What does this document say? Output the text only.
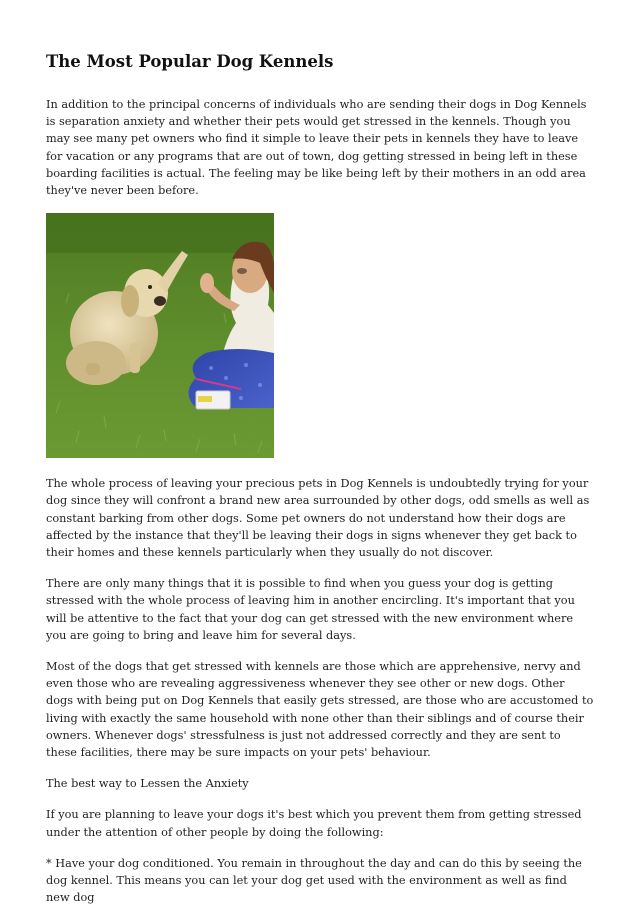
The Most Popular Dog Kennels

In addition to the principal concerns of individuals who are sending their dogs in Dog Kennels is separation anxiety and whether their pets would get stressed in the kennels. Though you may see many pet owners who find it simple to leave their pets in kennels they have to leave for vacation or any programs that are out of town, dog getting stressed in being left in these boarding facilities is actual. The feeling may be like being left by their mothers in an odd area they've never been before.

The whole process of leaving your precious pets in Dog Kennels is undoubtedly trying for your dog since they will confront a brand new area surrounded by other dogs, odd smells as well as constant barking from other dogs. Some pet owners do not understand how their dogs are affected by the instance that they'll be leaving their dogs in signs whenever they get back to their homes and these kennels particularly when they usually do not discover.

There are only many things that it is possible to find when you guess your dog is getting stressed with the whole process of leaving him in another encircling. It's important that you will be attentive to the fact that your dog can get stressed with the new environment where you are going to bring and leave him for several days.

Most of the dogs that get stressed with kennels are those which are apprehensive, nervy and even those who are revealing aggressiveness whenever they see other or new dogs. Other dogs with being put on Dog Kennels that easily gets stressed, are those who are accustomed to living with exactly the same household with none other than their siblings and of course their owners. Whenever dogs' stressfulness is just not addressed correctly and they are sent to these facilities, there may be sure impacts on your pets' behaviour.

The best way to Lessen the Anxiety

If you are planning to leave your dogs it's best which you prevent them from getting stressed under the attention of other people by doing the following:

* Have your dog conditioned. You remain in throughout the day and can do this by seeing the dog kennel. This means you can let your dog get used with the environment as well as find new dog
